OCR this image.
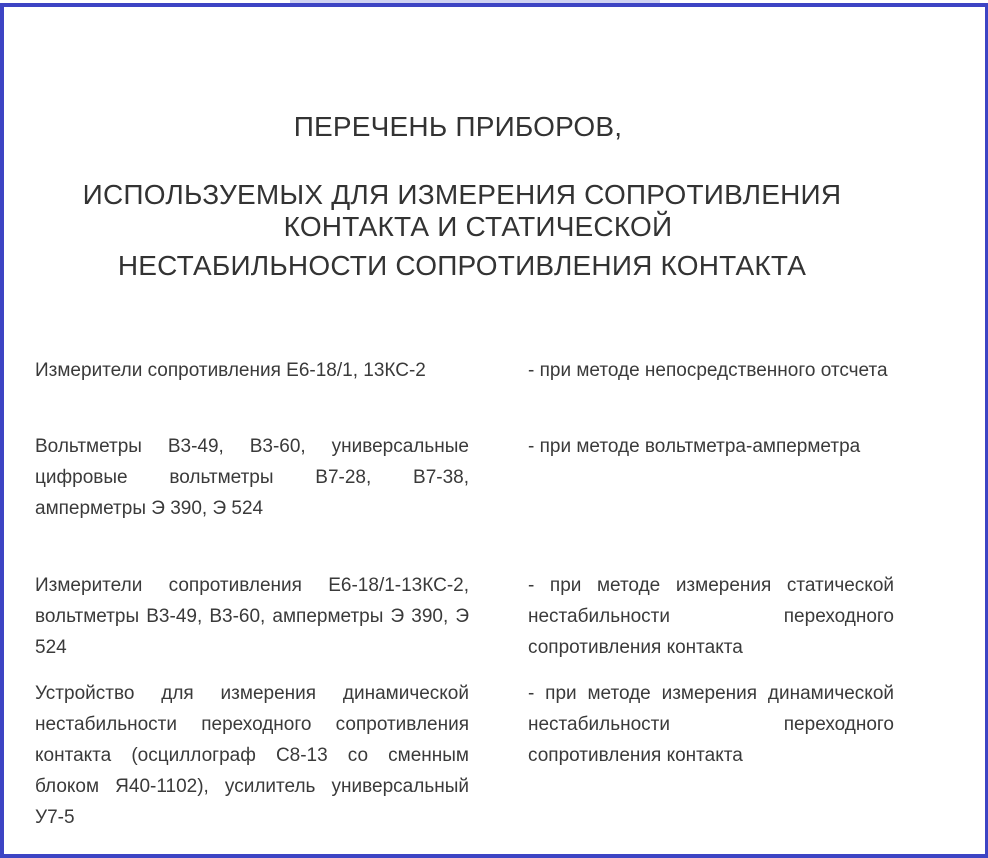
ПЕРЕЧЕНЬ ПРИБОРОВ,
ИСПОЛЬЗУЕМЫХ ДЛЯ ИЗМЕРЕНИЯ СОПРОТИВЛЕНИЯ
КОНТАКТА И СТАТИЧЕСКОЙ
НЕСТАБИЛЬНОСТИ СОПРОТИВЛЕНИЯ КОНТАКТА
Измерители сопротивления Е6-18/1, 13КС-2	- при методе непосредственного отсчета
Вольтметры В3-49, В3-60, универсальные цифровые вольтметры В7-28, В7-38, амперметры Э 390, Э 524
- при методе вольтметра-амперметра
Измерители сопротивления Е6-18/1-13КС-2, вольтметры В3-49, В3-60, амперметры Э 390, Э 524
- при методе измерения статической нестабильности переходного сопротивления контакта
Устройство для измерения динамической нестабильности переходного сопротивления контакта (осциллограф С8-13 со сменным блоком Я40-1102), усилитель универсальный У7-5
- при методе измерения динамической нестабильности переходного сопротивления контакта
